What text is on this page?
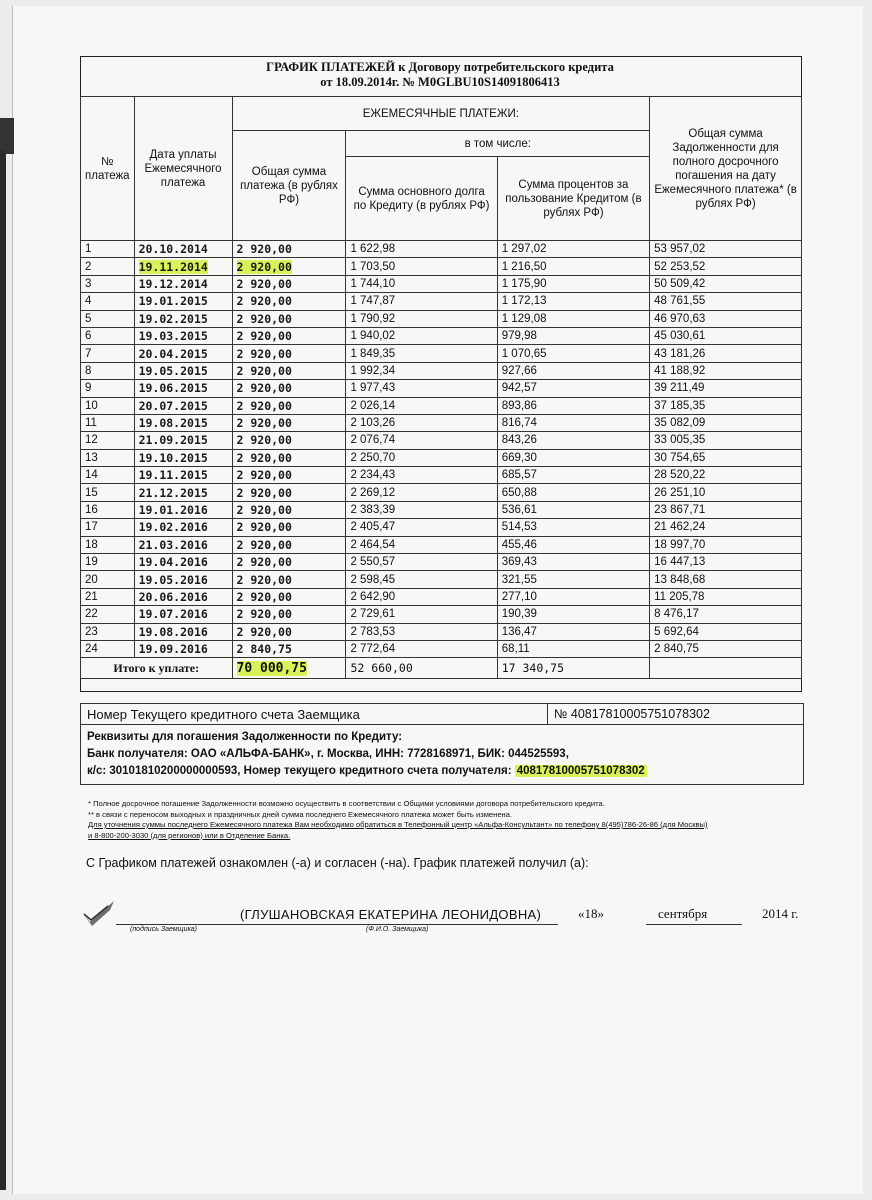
ГРАФИК ПЛАТЕЖЕЙ к Договору потребительского кредита
от 18.09.2014г. № M0GLBU10S14091806413
№ платежа	Дата уплаты Ежемесячного платежа	ЕЖЕМЕСЯЧНЫЕ ПЛАТЕЖИ:			Общая сумма Задолженности для полного досрочного погашения на дату Ежемесячного платежа* (в рублях РФ)
		Общая сумма платежа (в рублях РФ)	в том числе:		
			Сумма основного долга по Кредиту (в рублях РФ)	Сумма процентов за пользование Кредитом (в рублях РФ)	
1	20.10.2014	2 920,00	1 622,98	1 297,02	53 957,02
2	19.11.2014	2 920,00	1 703,50	1 216,50	52 253,52
3	19.12.2014	2 920,00	1 744,10	1 175,90	50 509,42
4	19.01.2015	2 920,00	1 747,87	1 172,13	48 761,55
5	19.02.2015	2 920,00	1 790,92	1 129,08	46 970,63
6	19.03.2015	2 920,00	1 940,02	979,98	45 030,61
7	20.04.2015	2 920,00	1 849,35	1 070,65	43 181,26
8	19.05.2015	2 920,00	1 992,34	927,66	41 188,92
9	19.06.2015	2 920,00	1 977,43	942,57	39 211,49
10	20.07.2015	2 920,00	2 026,14	893,86	37 185,35
11	19.08.2015	2 920,00	2 103,26	816,74	35 082,09
12	21.09.2015	2 920,00	2 076,74	843,26	33 005,35
13	19.10.2015	2 920,00	2 250,70	669,30	30 754,65
14	19.11.2015	2 920,00	2 234,43	685,57	28 520,22
15	21.12.2015	2 920,00	2 269,12	650,88	26 251,10
16	19.01.2016	2 920,00	2 383,39	536,61	23 867,71
17	19.02.2016	2 920,00	2 405,47	514,53	21 462,24
18	21.03.2016	2 920,00	2 464,54	455,46	18 997,70
19	19.04.2016	2 920,00	2 550,57	369,43	16 447,13
20	19.05.2016	2 920,00	2 598,45	321,55	13 848,68
21	20.06.2016	2 920,00	2 642,90	277,10	11 205,78
22	19.07.2016	2 920,00	2 729,61	190,39	8 476,17
23	19.08.2016	2 920,00	2 783,53	136,47	5 692,64
24	19.09.2016	2 840,75	2 772,64	68,11	2 840,75
Итого к уплате:		70 000,75	52 660,00	17 340,75	
Номер Текущего кредитного счета Заемщика	№ 40817810005751078302
Реквизиты для погашения Задолженности по Кредиту:
Банк получателя: ОАО «АЛЬФА-БАНК», г. Москва, ИНН: 7728168971, БИК: 044525593,
к/с: 30101810200000000593, Номер текущего кредитного счета получателя: 40817810005751078302
* Полное досрочное погашение Задолженности возможно осуществить в соответствии с Общими условиями договора потребительского кредита.
** в связи с переносом выходных и праздничных дней сумма последнего Ежемесячного платежа может быть изменена.
Для уточнения суммы последнего Ежемесячного платежа Вам необходимо обратиться в Телефонный центр «Альфа-Консультант» по телефону 8(495)786-26-86 (для Москвы)
и 8-800-200-3030 (для регионов) или в Отделение Банка.
С Графиком платежей ознакомлен (-а) и согласен (-на). График платежей получил (а):
(подпись Заемщика)
(ГЛУШАНОВСКАЯ ЕКАТЕРИНА ЛЕОНИДОВНА)
(Ф.И.О. Заемщика)
«18»	сентября	2014 г.
